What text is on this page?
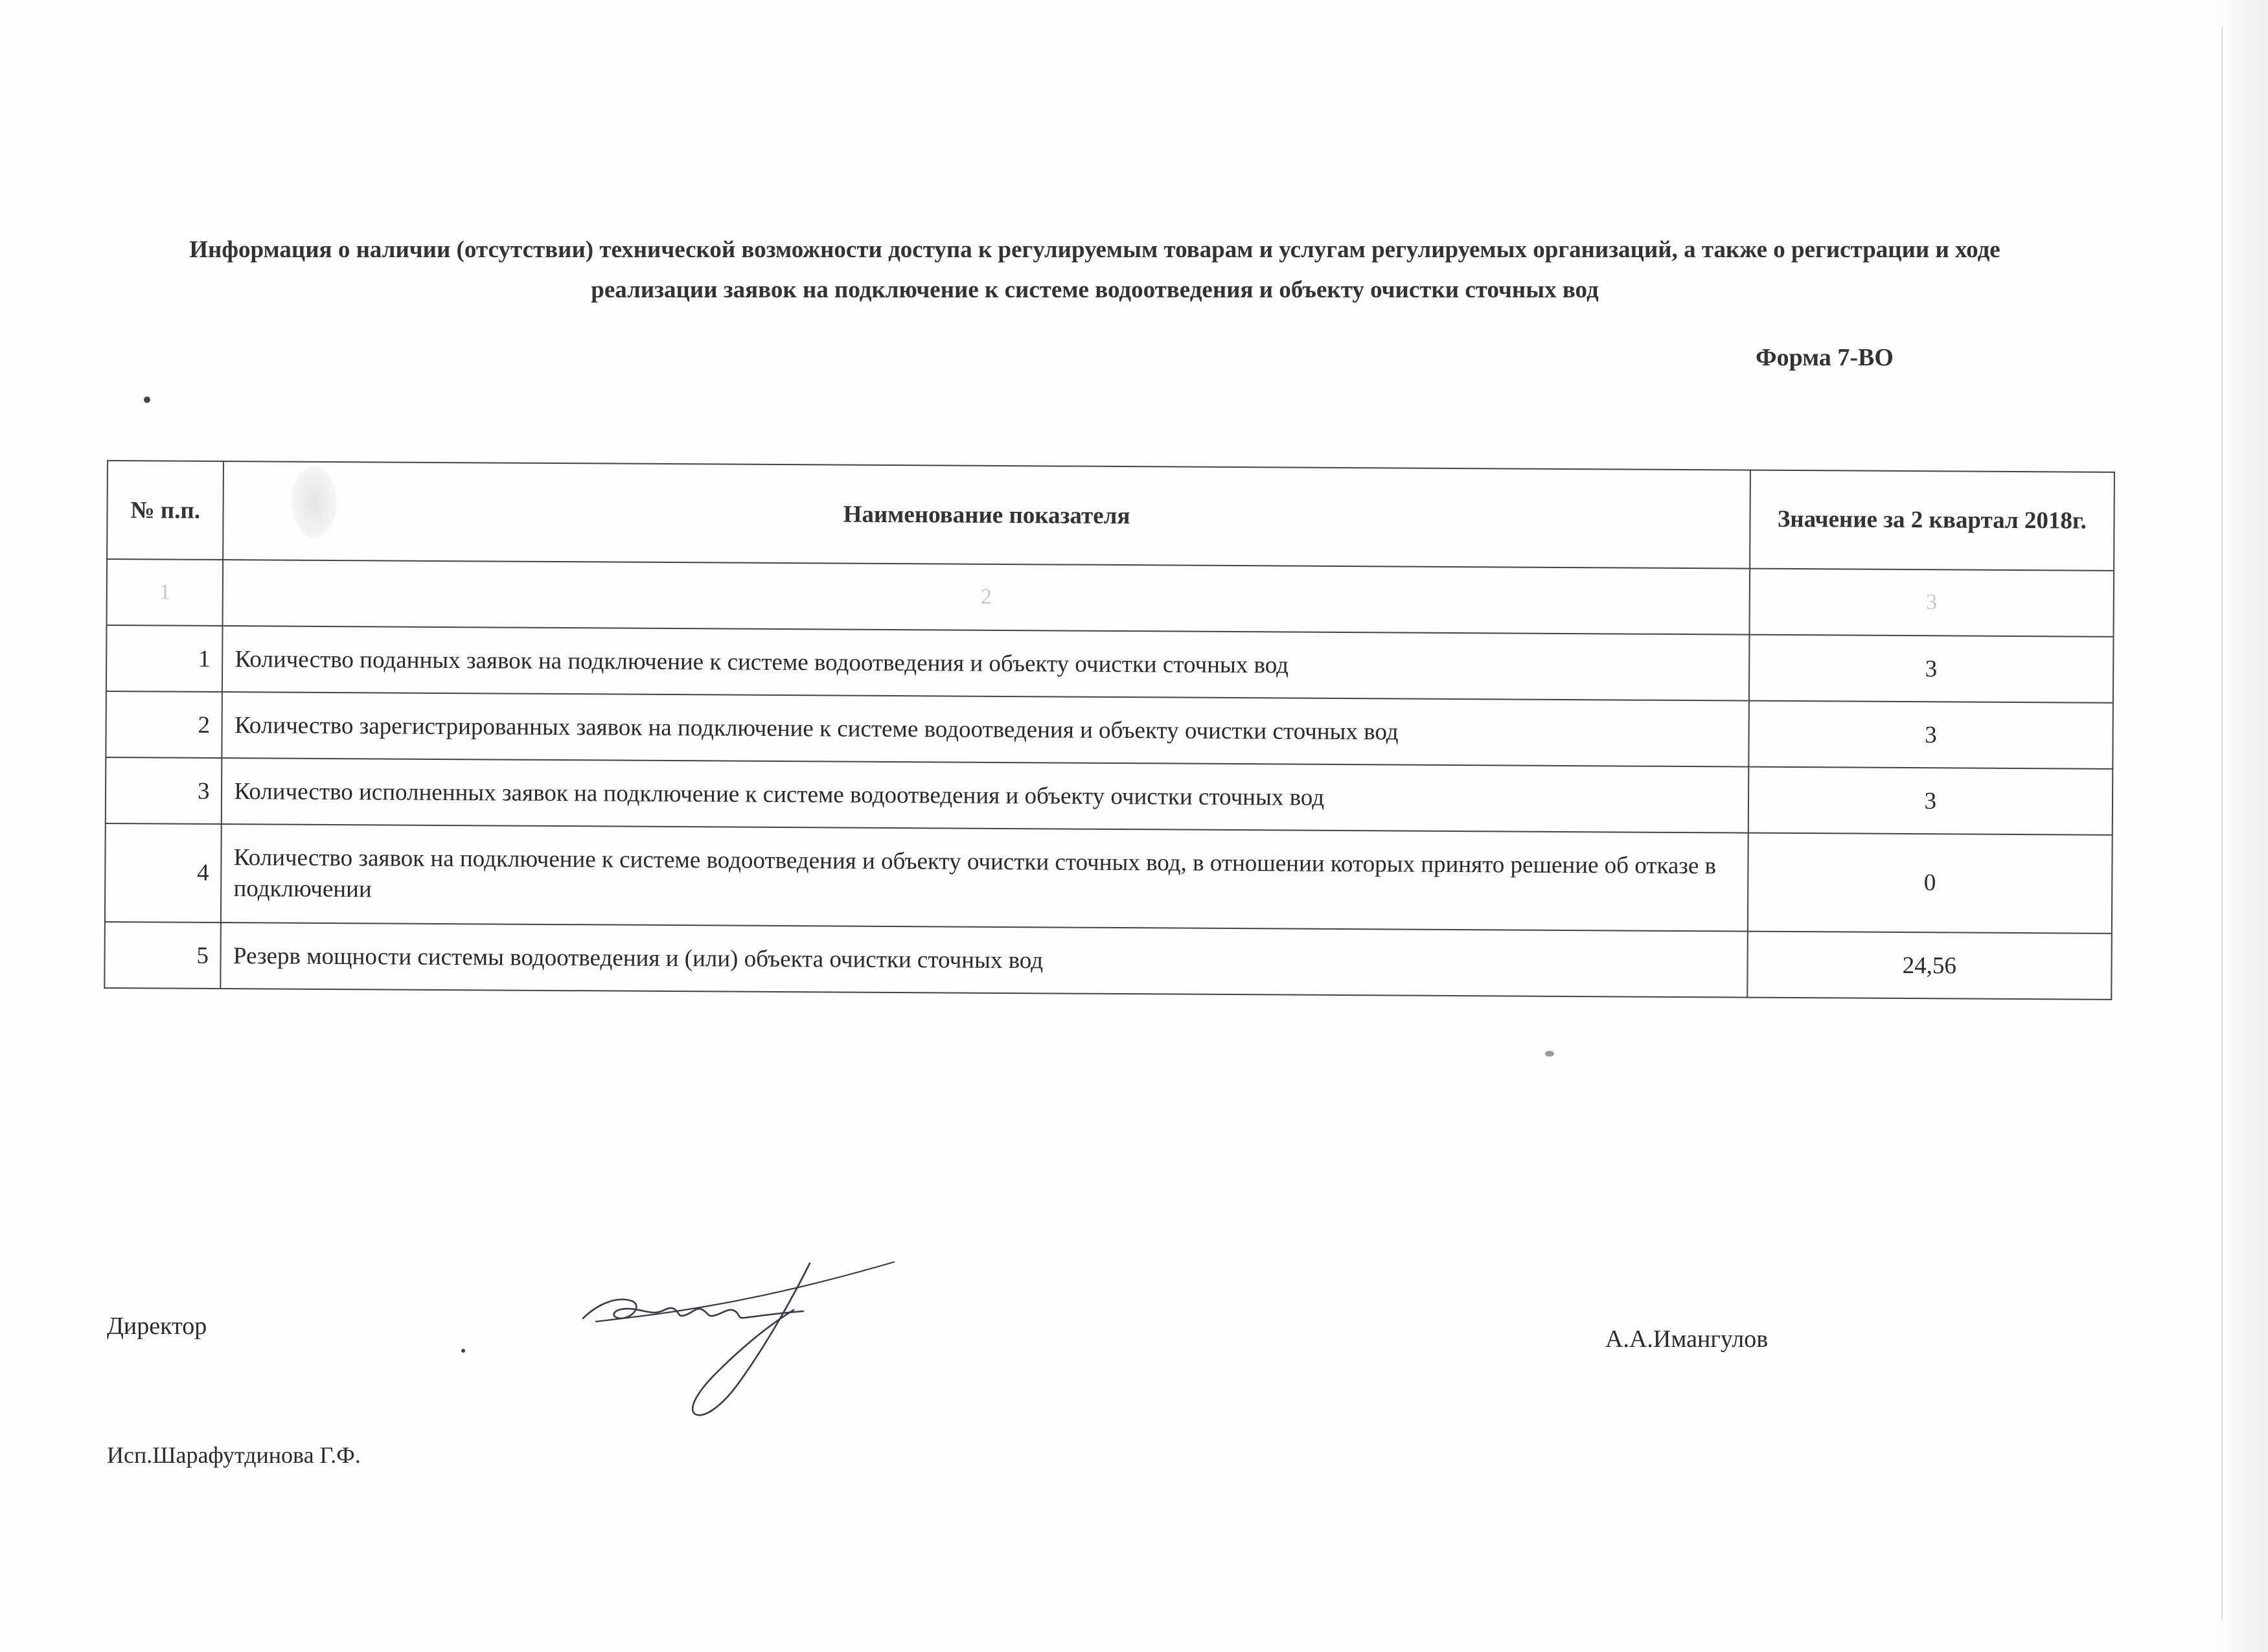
Информация о наличии (отсутствии) технической возможности доступа к регулируемым товарам и услугам регулируемых организаций, а также о регистрации и ходе реализации заявок на подключение к системе водоотведения и объекту очистки сточных вод
Форма 7-ВО
№ п.п.	Наименование показателя	Значение за 2 квартал 2018г.
1	2	3
1	Количество поданных заявок на подключение к системе водоотведения и объекту очистки сточных вод	3
2	Количество зарегистрированных заявок на подключение к системе водоотведения и объекту очистки сточных вод	3
3	Количество исполненных заявок на подключение к системе водоотведения и объекту очистки сточных вод	3
4	Количество заявок на подключение к системе водоотведения и объекту очистки сточных вод, в отношении которых принято решение об отказе в подключении	0
5	Резерв мощности системы водоотведения и (или) объекта очистки сточных вод	24,56
Директор	А.А.Имангулов
Исп.Шарафутдинова Г.Ф.
